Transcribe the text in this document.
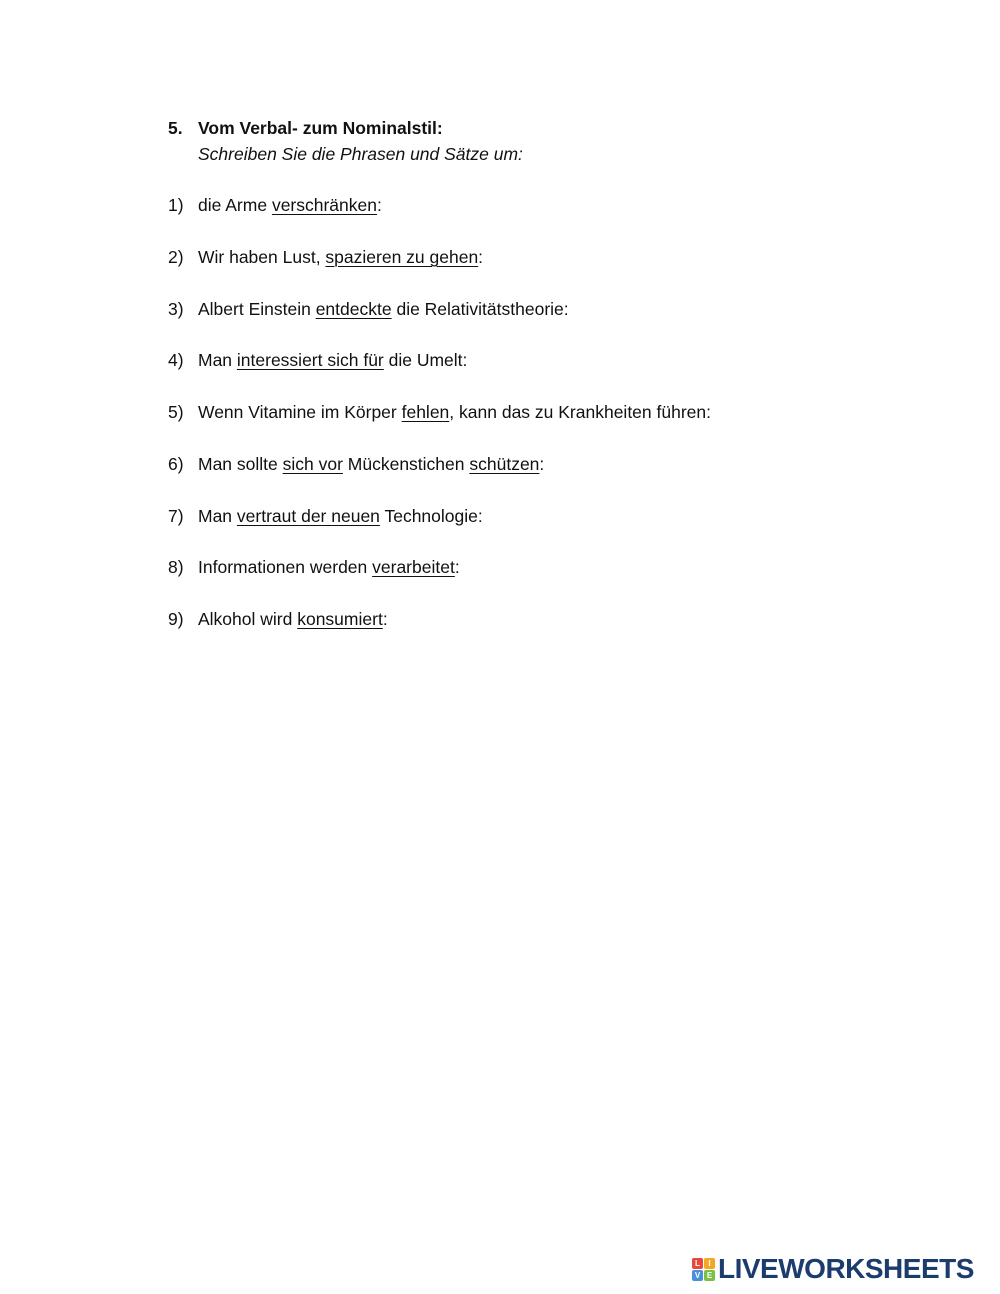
5. Vom Verbal- zum Nominalstil:
Schreiben Sie die Phrasen und Sätze um:
1) die Arme verschränken:
2) Wir haben Lust, spazieren zu gehen:
3) Albert Einstein entdeckte die Relativitätstheorie:
4) Man interessiert sich für die Umelt:
5) Wenn Vitamine im Körper fehlen, kann das zu Krankheiten führen:
6) Man sollte sich vor Mückenstichen schützen:
7) Man vertraut der neuen Technologie:
8) Informationen werden verarbeitet:
9) Alkohol wird konsumiert:
L	I
V E LIVEWORKSHEETS
